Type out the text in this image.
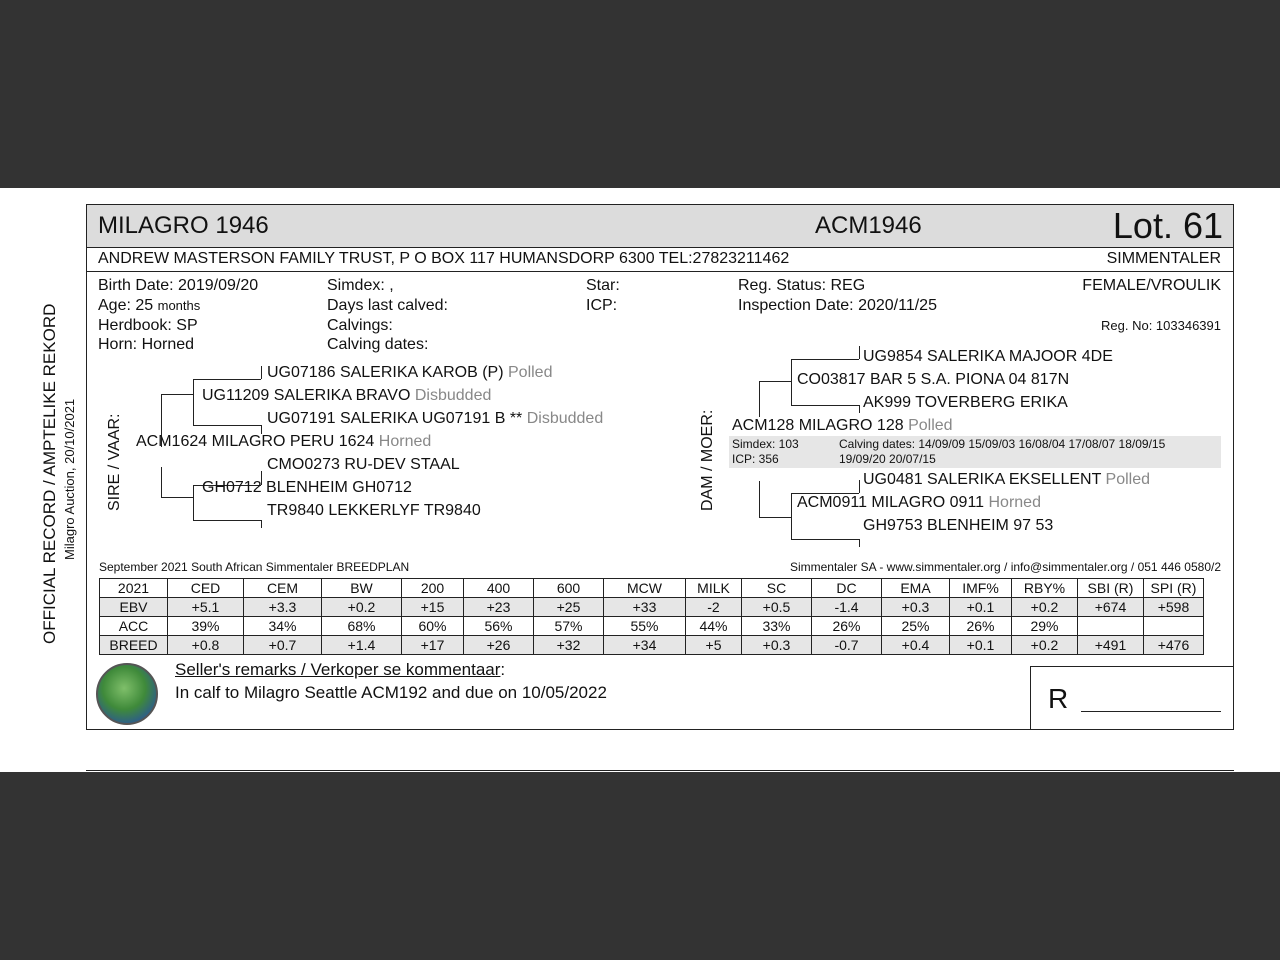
OFFICIAL RECORD / AMPTELIKE REKORD Milagro Auction, 20/10/2021
MILAGRO 1946	ACM1946	Lot. 61
ANDREW MASTERSON FAMILY TRUST, P O BOX 117 HUMANSDORP 6300 TEL:27823211462	SIMMENTALER
Birth Date: 2019/09/20
Age: 25 months
Herdbook: SP
Horn: Horned
Simdex: ,
Days last calved:
Calvings:
Calving dates:
Star:
ICP:
Reg. Status: REG
Inspection Date: 2020/11/25
FEMALE/VROULIK
Reg. No: 103346391
SIRE / VAAR:
UG07186 SALERIKA KAROB (P) Polled
UG11209 SALERIKA BRAVO Disbudded
UG07191 SALERIKA UG07191 B ** Disbudded
ACM1624 MILAGRO PERU 1624 Horned
CMO0273 RU-DEV STAAL
GH0712 BLENHEIM GH0712
TR9840 LEKKERLYF TR9840	DAM / MOER:
UG9854 SALERIKA MAJOOR 4DE
CO03817 BAR 5 S.A. PIONA 04 817N
AK999 TOVERBERG ERIKA
ACM128 MILAGRO 128 Polled
Simdex: 103
ICP: 356
Calving dates: 14/09/09 15/09/03 16/08/04 17/08/07 18/09/15
19/09/20 20/07/15
UG0481 SALERIKA EKSELLENT Polled
ACM0911 MILAGRO 0911 Horned
GH9753 BLENHEIM 97 53
September 2021 South African Simmentaler BREEDPLAN	Simmentaler SA - www.simmentaler.org / info@simmentaler.org / 051 446 0580/2
2021	CED	CEM	BW	200	400	600	MCW	MILK	SC	DC	EMA	IMF%	RBY%	SBI (R)	SPI (R)
EBV	+5.1	+3.3	+0.2	+15	+23	+25	+33	-2	+0.5	-1.4	+0.3	+0.1	+0.2	+674	+598
ACC	39%	34%	68%	60%	56%	57%	55%	44%	33%	26%	25%	26%	29%		
BREED	+0.8	+0.7	+1.4	+17	+26	+32	+34	+5	+0.3	-0.7	+0.4	+0.1	+0.2	+491	+476
Seller's remarks / Verkoper se kommentaar:
In calf to Milagro Seattle ACM192 and due on 10/05/2022	R
